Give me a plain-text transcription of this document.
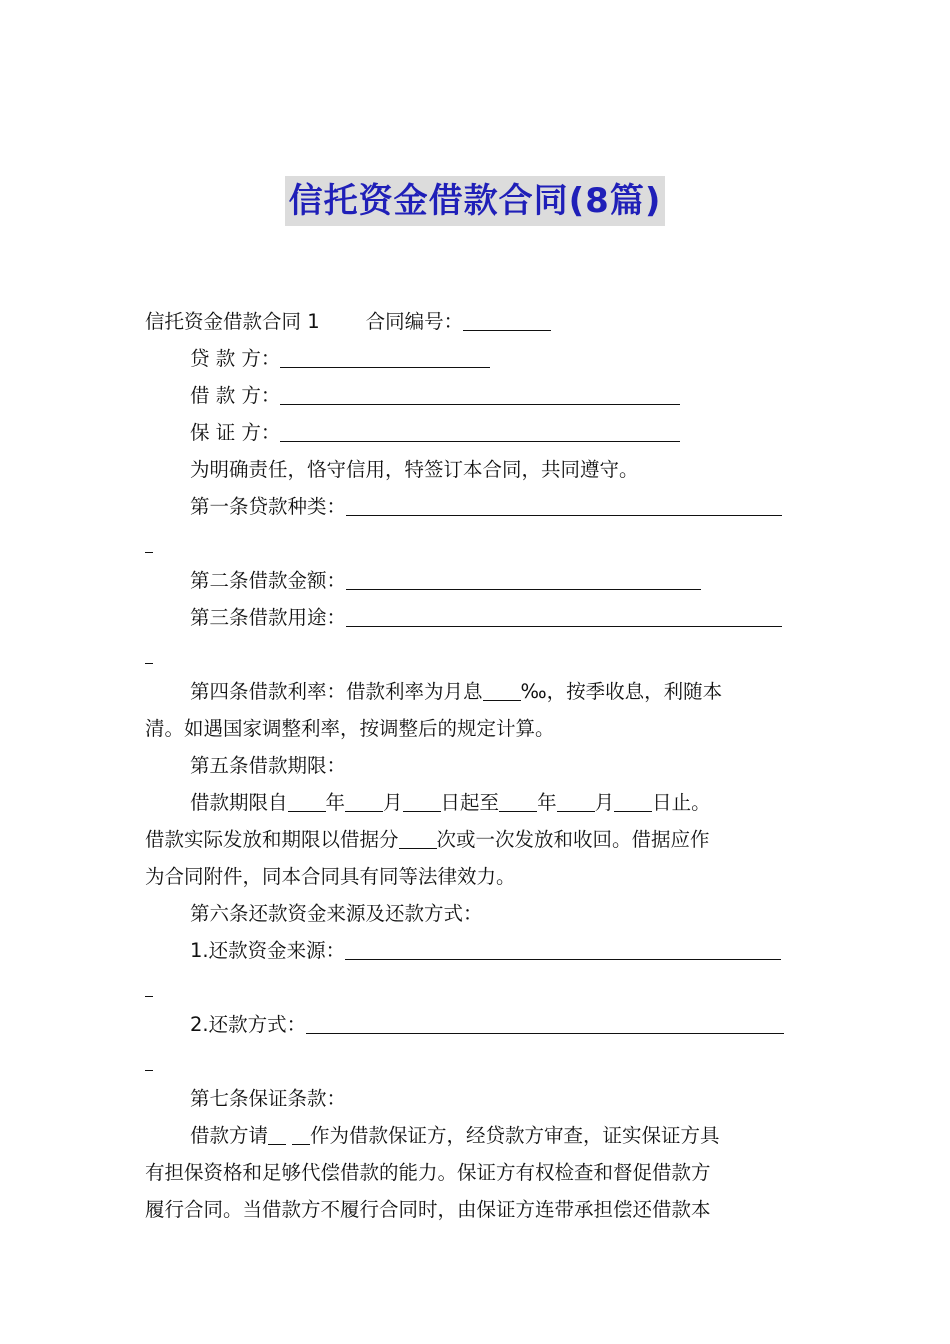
信托资金借款合同(8篇)
信托资金借款合同 1 合同编号：
贷 款 方：
借 款 方：
保 证 方：
为明确责任，恪守信用，特签订本合同，共同遵守。
第一条贷款种类：
第二条借款金额：
第三条借款用途：
第四条借款利率：借款利率为月息 ‰，按季收息，利随本
清。如遇国家调整利率，按调整后的规定计算。
第五条借款期限：
借款期限自 年 月 日起至 年 月 日止。
借款实际发放和期限以借据分 次或一次发放和收回。借据应作
为合同附件，同本合同具有同等法律效力。
第六条还款资金来源及还款方式：
1.还款资金来源：
2.还款方式：
第七条保证条款：
借款方请 作为借款保证方，经贷款方审查，证实保证方具
有担保资格和足够代偿借款的能力。保证方有权检查和督促借款方
履行合同。当借款方不履行合同时，由保证方连带承担偿还借款本
